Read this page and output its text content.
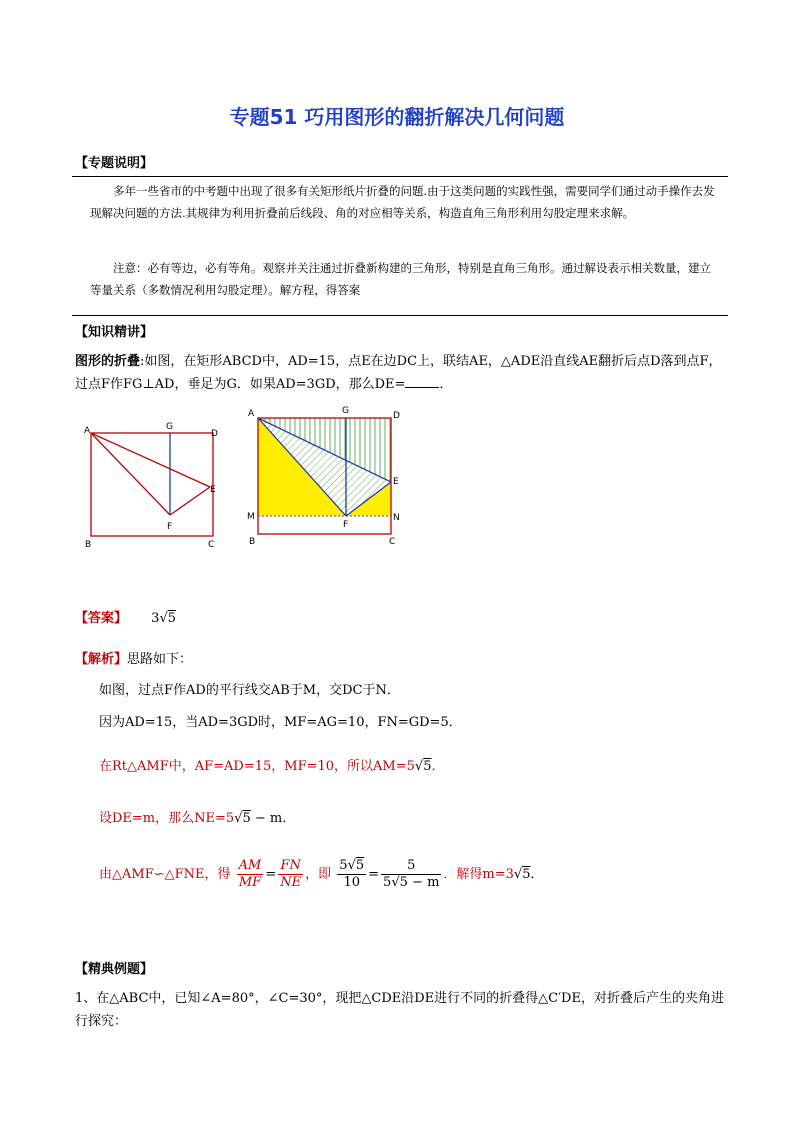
专题51 巧用图形的翻折解决几何问题
【专题说明】
多年一些省市的中考题中出现了很多有关矩形纸片折叠的问题.由于这类问题的实践性强，需要同学们通过动手操作去发现解决问题的方法.其规律为利用折叠前后线段、角的对应相等关系，构造直角三角形利用勾股定理来求解。
注意：必有等边，必有等角。观察并关注通过折叠新构建的三角形，特别是直角三角形。通过解设表示相关数量，建立等量关系（多数情况利用勾股定理）。解方程，得答案
【知识精讲】
图形的折叠:如图，在矩形ABCD中，AD=15，点E在边DC上，联结AE，△ADE沿直线AE翻折后点D落到点F，过点F作FG⊥AD，垂足为G．如果AD=3GD，那么DE=	．
A	G
D
E
F
B	C
A	G	D
E
F
M	N
B	C
【答案】 3√5
【解析】思路如下：
如图，过点F作AD的平行线交AB于M，交DC于N．
因为AD=15，当AD=3GD时，MF=AG=10，FN=GD=5．
在Rt△AMF中，AF=AD=15，MF=10，所以AM=5√5．
设DE=m，那么NE=5√5 − m．
由△AMF∽△FNE，得 $\frac{AM}{MF} = \frac{FN}{NE}$ ，即 $\frac{5√5}{10} = \frac{5}{5√5 - m}$ ．解得m=3√5．
【精典例题】
1、在△ABC中，已知∠A=80°，∠C=30°，现把△CDE沿DE进行不同的折叠得△C′DE，对折叠后产生的夹角进行探究：
